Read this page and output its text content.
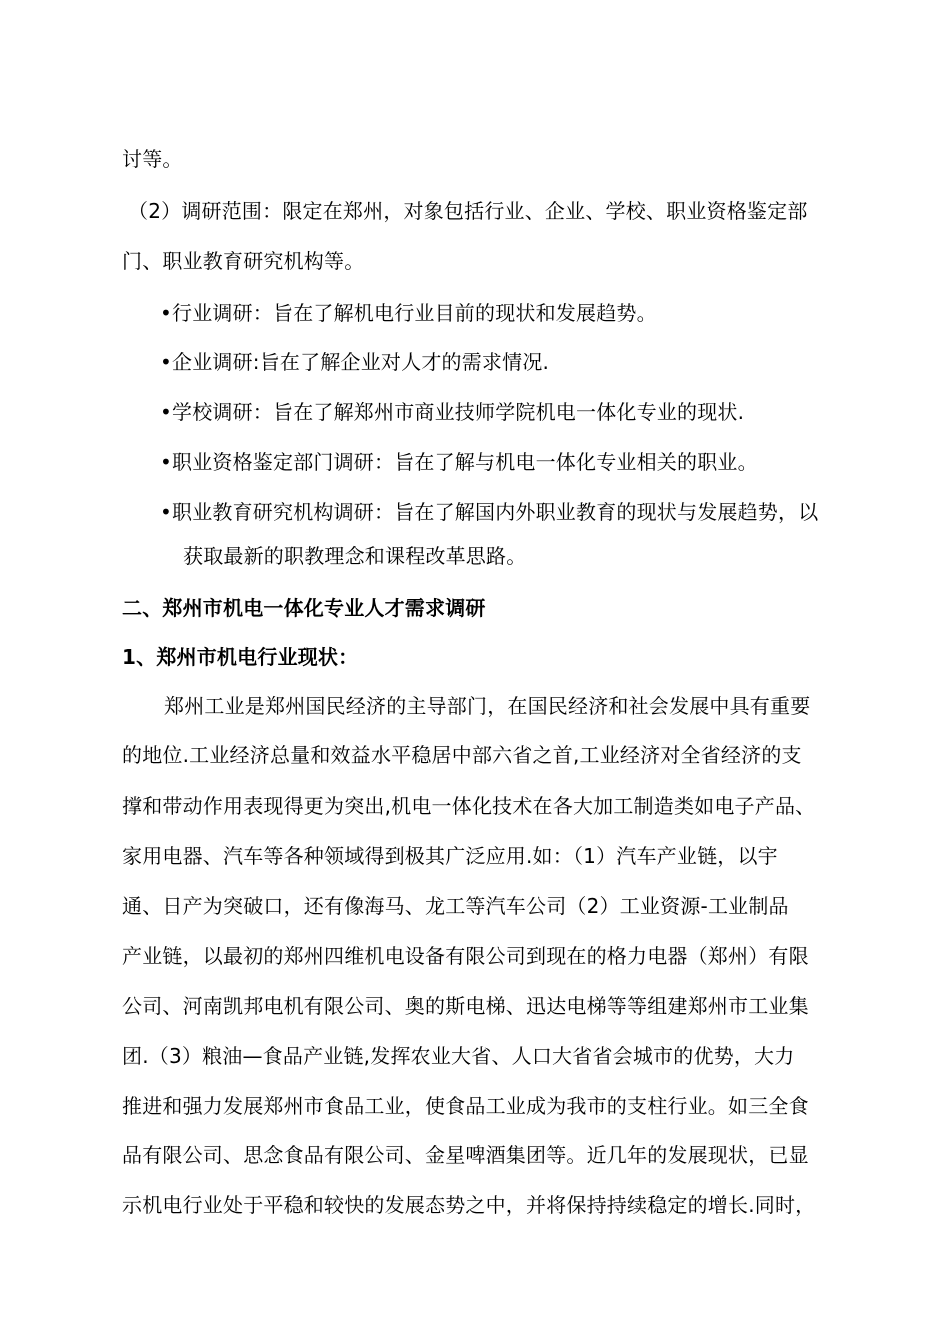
讨等。
（2）调研范围：限定在郑州，对象包括行业、企业、学校、职业资格鉴定部
门、职业教育研究机构等。
•行业调研：旨在了解机电行业目前的现状和发展趋势。
•企业调研:旨在了解企业对人才的需求情况.
•学校调研：旨在了解郑州市商业技师学院机电一体化专业的现状.
•职业资格鉴定部门调研：旨在了解与机电一体化专业相关的职业。
•职业教育研究机构调研：旨在了解国内外职业教育的现状与发展趋势，以
获取最新的职教理念和课程改革思路。
二、郑州市机电一体化专业人才需求调研
1、郑州市机电行业现状：
郑州工业是郑州国民经济的主导部门，在国民经济和社会发展中具有重要
的地位.工业经济总量和效益水平稳居中部六省之首,工业经济对全省经济的支
撑和带动作用表现得更为突出,机电一体化技术在各大加工制造类如电子产品、
家用电器、汽车等各种领域得到极其广泛应用.如：（1）汽车产业链，以宇
通、日产为突破口，还有像海马、龙工等汽车公司（2）工业资源-工业制品
产业链，以最初的郑州四维机电设备有限公司到现在的格力电器（郑州）有限
公司、河南凯邦电机有限公司、奥的斯电梯、迅达电梯等等组建郑州市工业集
团.（3）粮油—食品产业链,发挥农业大省、人口大省省会城市的优势，大力
推进和强力发展郑州市食品工业，使食品工业成为我市的支柱行业。如三全食
品有限公司、思念食品有限公司、金星啤酒集团等。近几年的发展现状，已显
示机电行业处于平稳和较快的发展态势之中，并将保持持续稳定的增长.同时，
